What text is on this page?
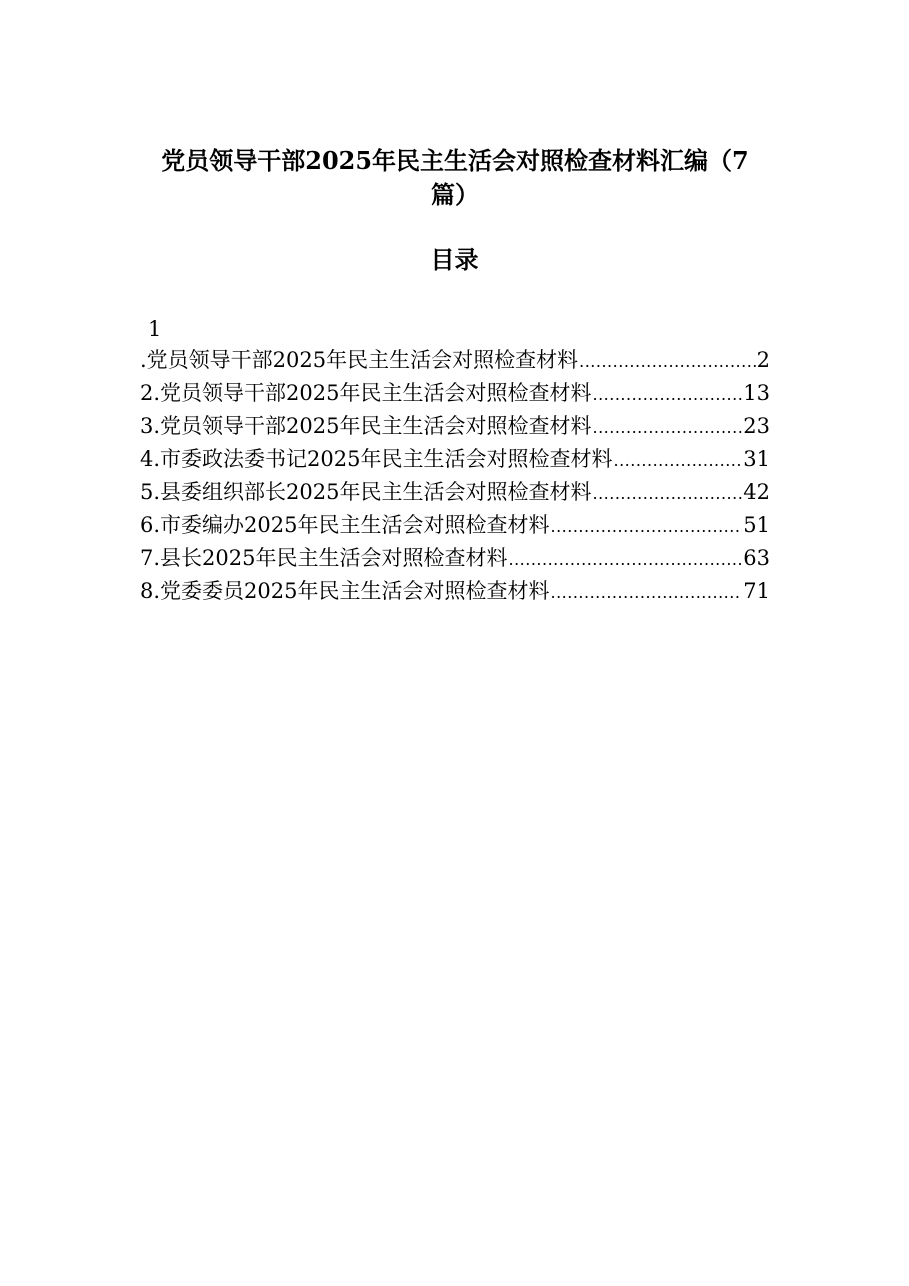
党员领导干部2025年民主生活会对照检查材料汇编（7
篇）
目录
1
.党员领导干部2025年民主生活会对照检查材料 .....	2
2.党员领导干部2025年民主生活会对照检查材料 .....	13
3.党员领导干部2025年民主生活会对照检查材料 .....	23
4.市委政法委书记2025年民主生活会对照检查材料 .....	31
5.县委组织部长2025年民主生活会对照检查材料 .....	42
6.市委编办2025年民主生活会对照检查材料 .....	51
7.县长2025年民主生活会对照检查材料 .....	63
8.党委委员2025年民主生活会对照检查材料 .....	71
